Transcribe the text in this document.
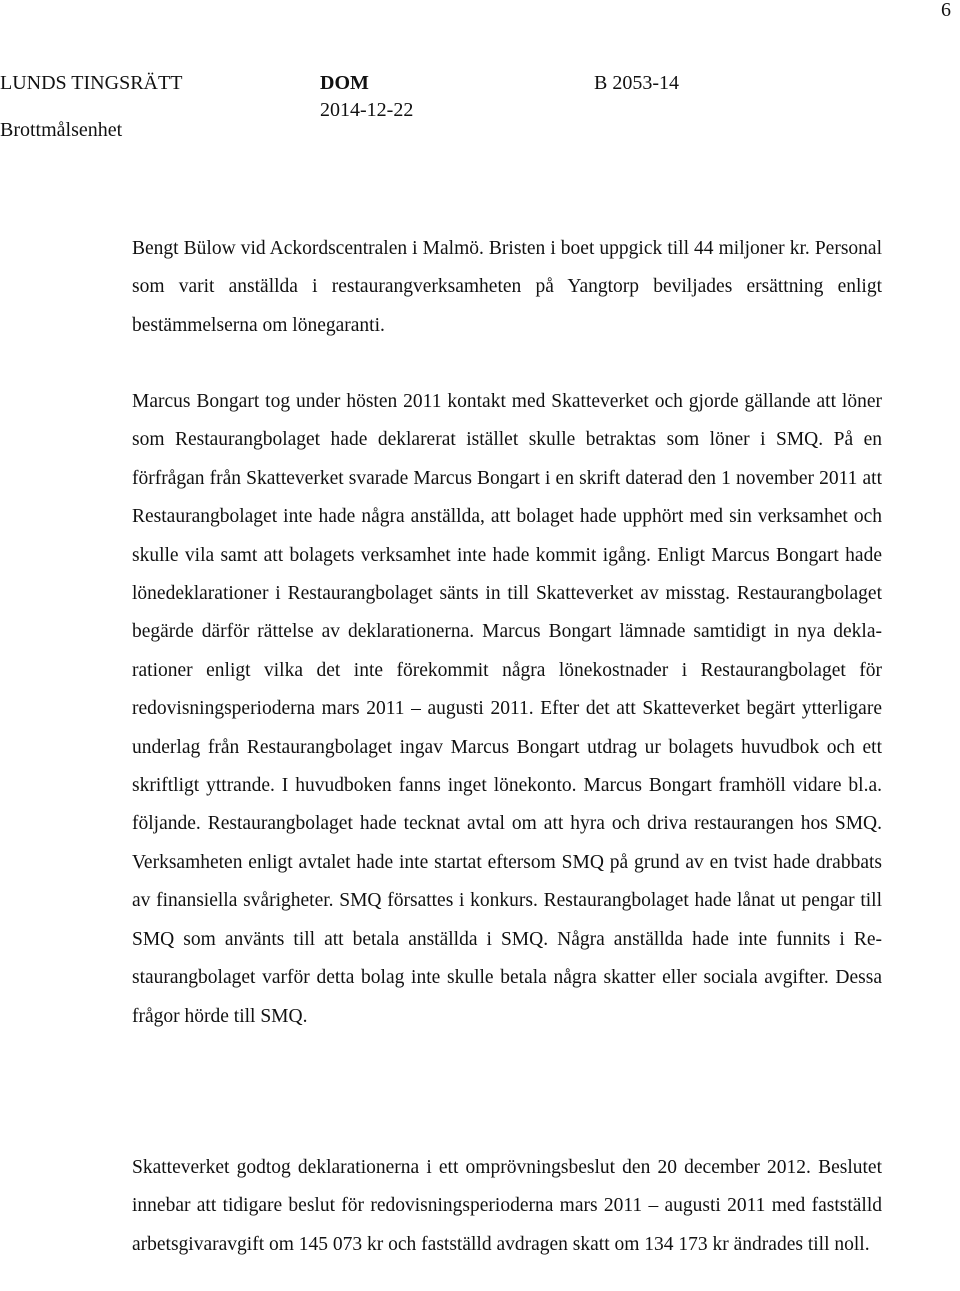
6
LUNDS TINGSRÄTT
Brottmålsenhet
DOM
2014-12-22
B 2053-14

Bengt Bülow vid Ackordscentralen i Malmö. Bristen i boet uppgick till 44 miljoner kr. Personal som varit anställda i restaurangverksamheten på Yangtorp beviljades ersättning enligt bestämmelserna om lönegaranti.

Marcus Bongart tog under hösten 2011 kontakt med Skatteverket och gjorde gällande att löner som Restaurangbolaget hade deklarerat istället skulle betraktas som löner i SMQ. På en förfrågan från Skatteverket svarade Marcus Bongart i en skrift daterad den 1 november 2011 att Restaurangbolaget inte hade några anställda, att bolaget hade upphört med sin verksamhet och skulle vila samt att bolagets verksamhet inte hade kommit igång. Enligt Marcus Bongart hade lönedeklarationer i Restaurangbolaget sänts in till Skatteverket av misstag. Restaurangbolaget begärde därför rättelse av deklarationerna. Marcus Bongart lämnade samtidigt in nya deklarationer enligt vilka det inte förekommit några lönekostnader i Restaurangbolaget för redovisningsperioderna mars 2011 – augusti 2011. Efter det att Skatteverket begärt ytterligare underlag från Restaurangbolaget ingav Marcus Bongart utdrag ur bolagets huvudbok och ett skriftligt yttrande. I huvudboken fanns inget lönekonto. Marcus Bongart framhöll vidare bl.a. följande. Restaurangbolaget hade tecknat avtal om att hyra och driva restaurangen hos SMQ. Verksamheten enligt avtalet hade inte startat eftersom SMQ på grund av en tvist hade drabbats av finansiella svårigheter. SMQ försattes i konkurs. Restaurangbolaget hade lånat ut pengar till SMQ som använts till att betala anställda i SMQ. Några anställda hade inte funnits i Restaurangbolaget varför detta bolag inte skulle betala några skatter eller sociala avgifter. Dessa frågor hörde till SMQ.

Skatteverket godtog deklarationerna i ett omprövningsbeslut den 20 december 2012. Beslutet innebar att tidigare beslut för redovisningsperioderna mars 2011 – augusti 2011 med fastställd arbetsgivaravgift om 145 073 kr och fastställd avdragen skatt om 134 173 kr ändrades till noll.
